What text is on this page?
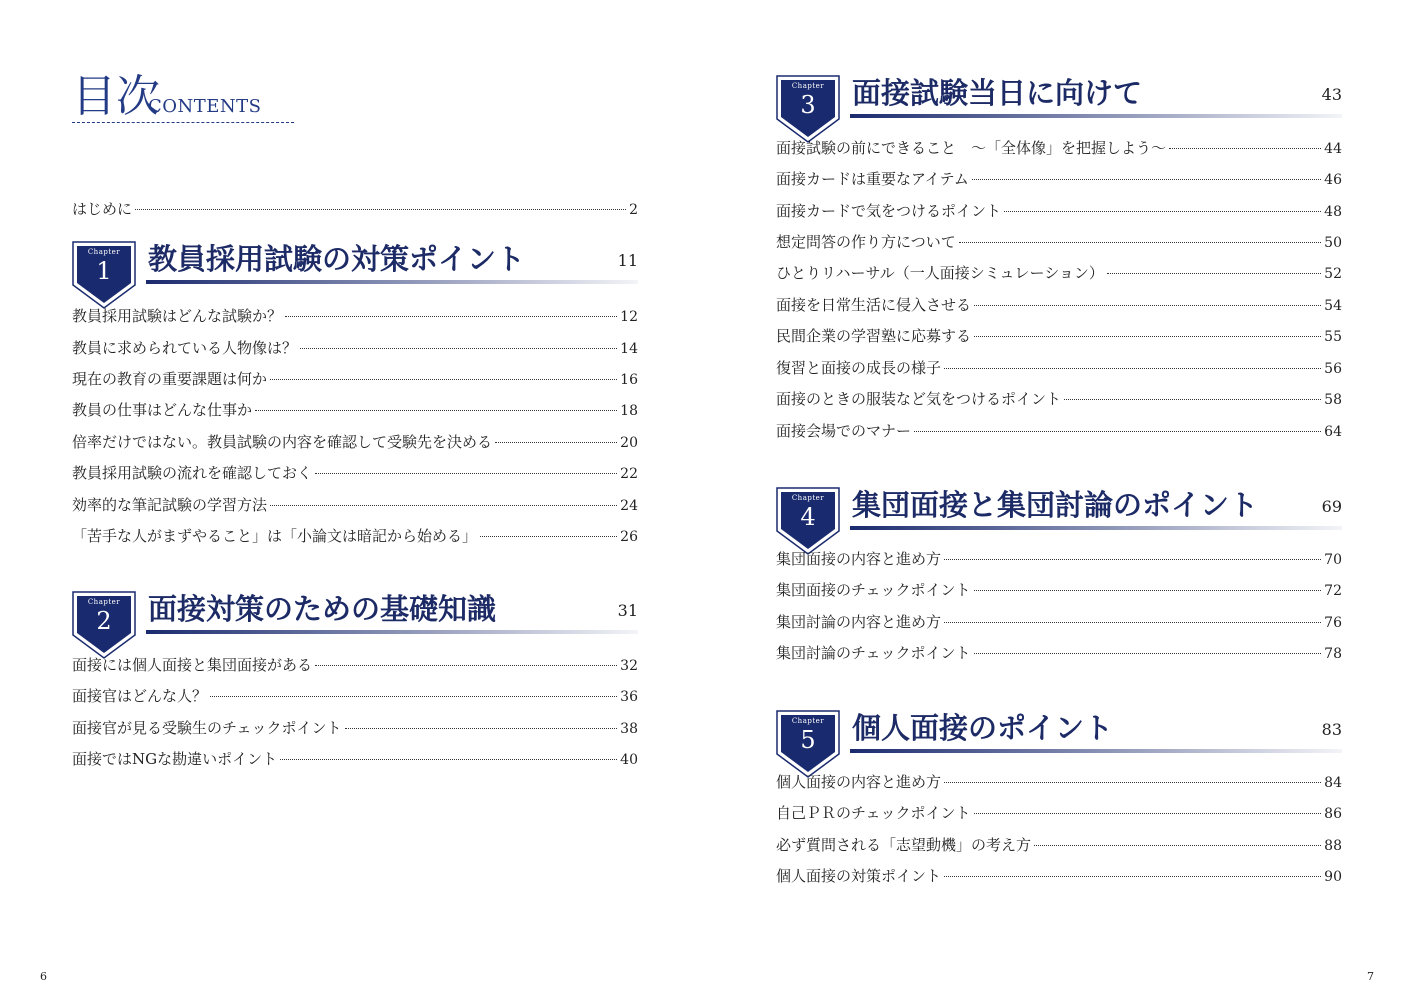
目次
CONTENTS
はじめに	2
Chapter
1	教員採用試験の対策ポイント	11
教員採用試験はどんな試験か？	12
教員に求められている人物像は？	14
現在の教育の重要課題は何か	16
教員の仕事はどんな仕事か	18
倍率だけではない。教員試験の内容を確認して受験先を決める	20
教員採用試験の流れを確認しておく	22
効率的な筆記試験の学習方法	24
「苦手な人がまずやること」は「小論文は暗記から始める」	26
Chapter
2	面接対策のための基礎知識	31
面接には個人面接と集団面接がある	32
面接官はどんな人？	36
面接官が見る受験生のチェックポイント	38
面接ではNGな勘違いポイント	40
6
Chapter
3	面接試験当日に向けて	43
面接試験の前にできること　～「全体像」を把握しよう～	44
面接カードは重要なアイテム	46
面接カードで気をつけるポイント	48
想定問答の作り方について	50
ひとりリハーサル（一人面接シミュレーション）	52
面接を日常生活に侵入させる	54
民間企業の学習塾に応募する	55
復習と面接の成長の様子	56
面接のときの服装など気をつけるポイント	58
面接会場でのマナー	64
Chapter
4	集団面接と集団討論のポイント	69
集団面接の内容と進め方	70
集団面接のチェックポイント	72
集団討論の内容と進め方	76
集団討論のチェックポイント	78
Chapter
5	個人面接のポイント	83
個人面接の内容と進め方	84
自己ＰＲのチェックポイント	86
必ず質問される「志望動機」の考え方	88
個人面接の対策ポイント	90
7
